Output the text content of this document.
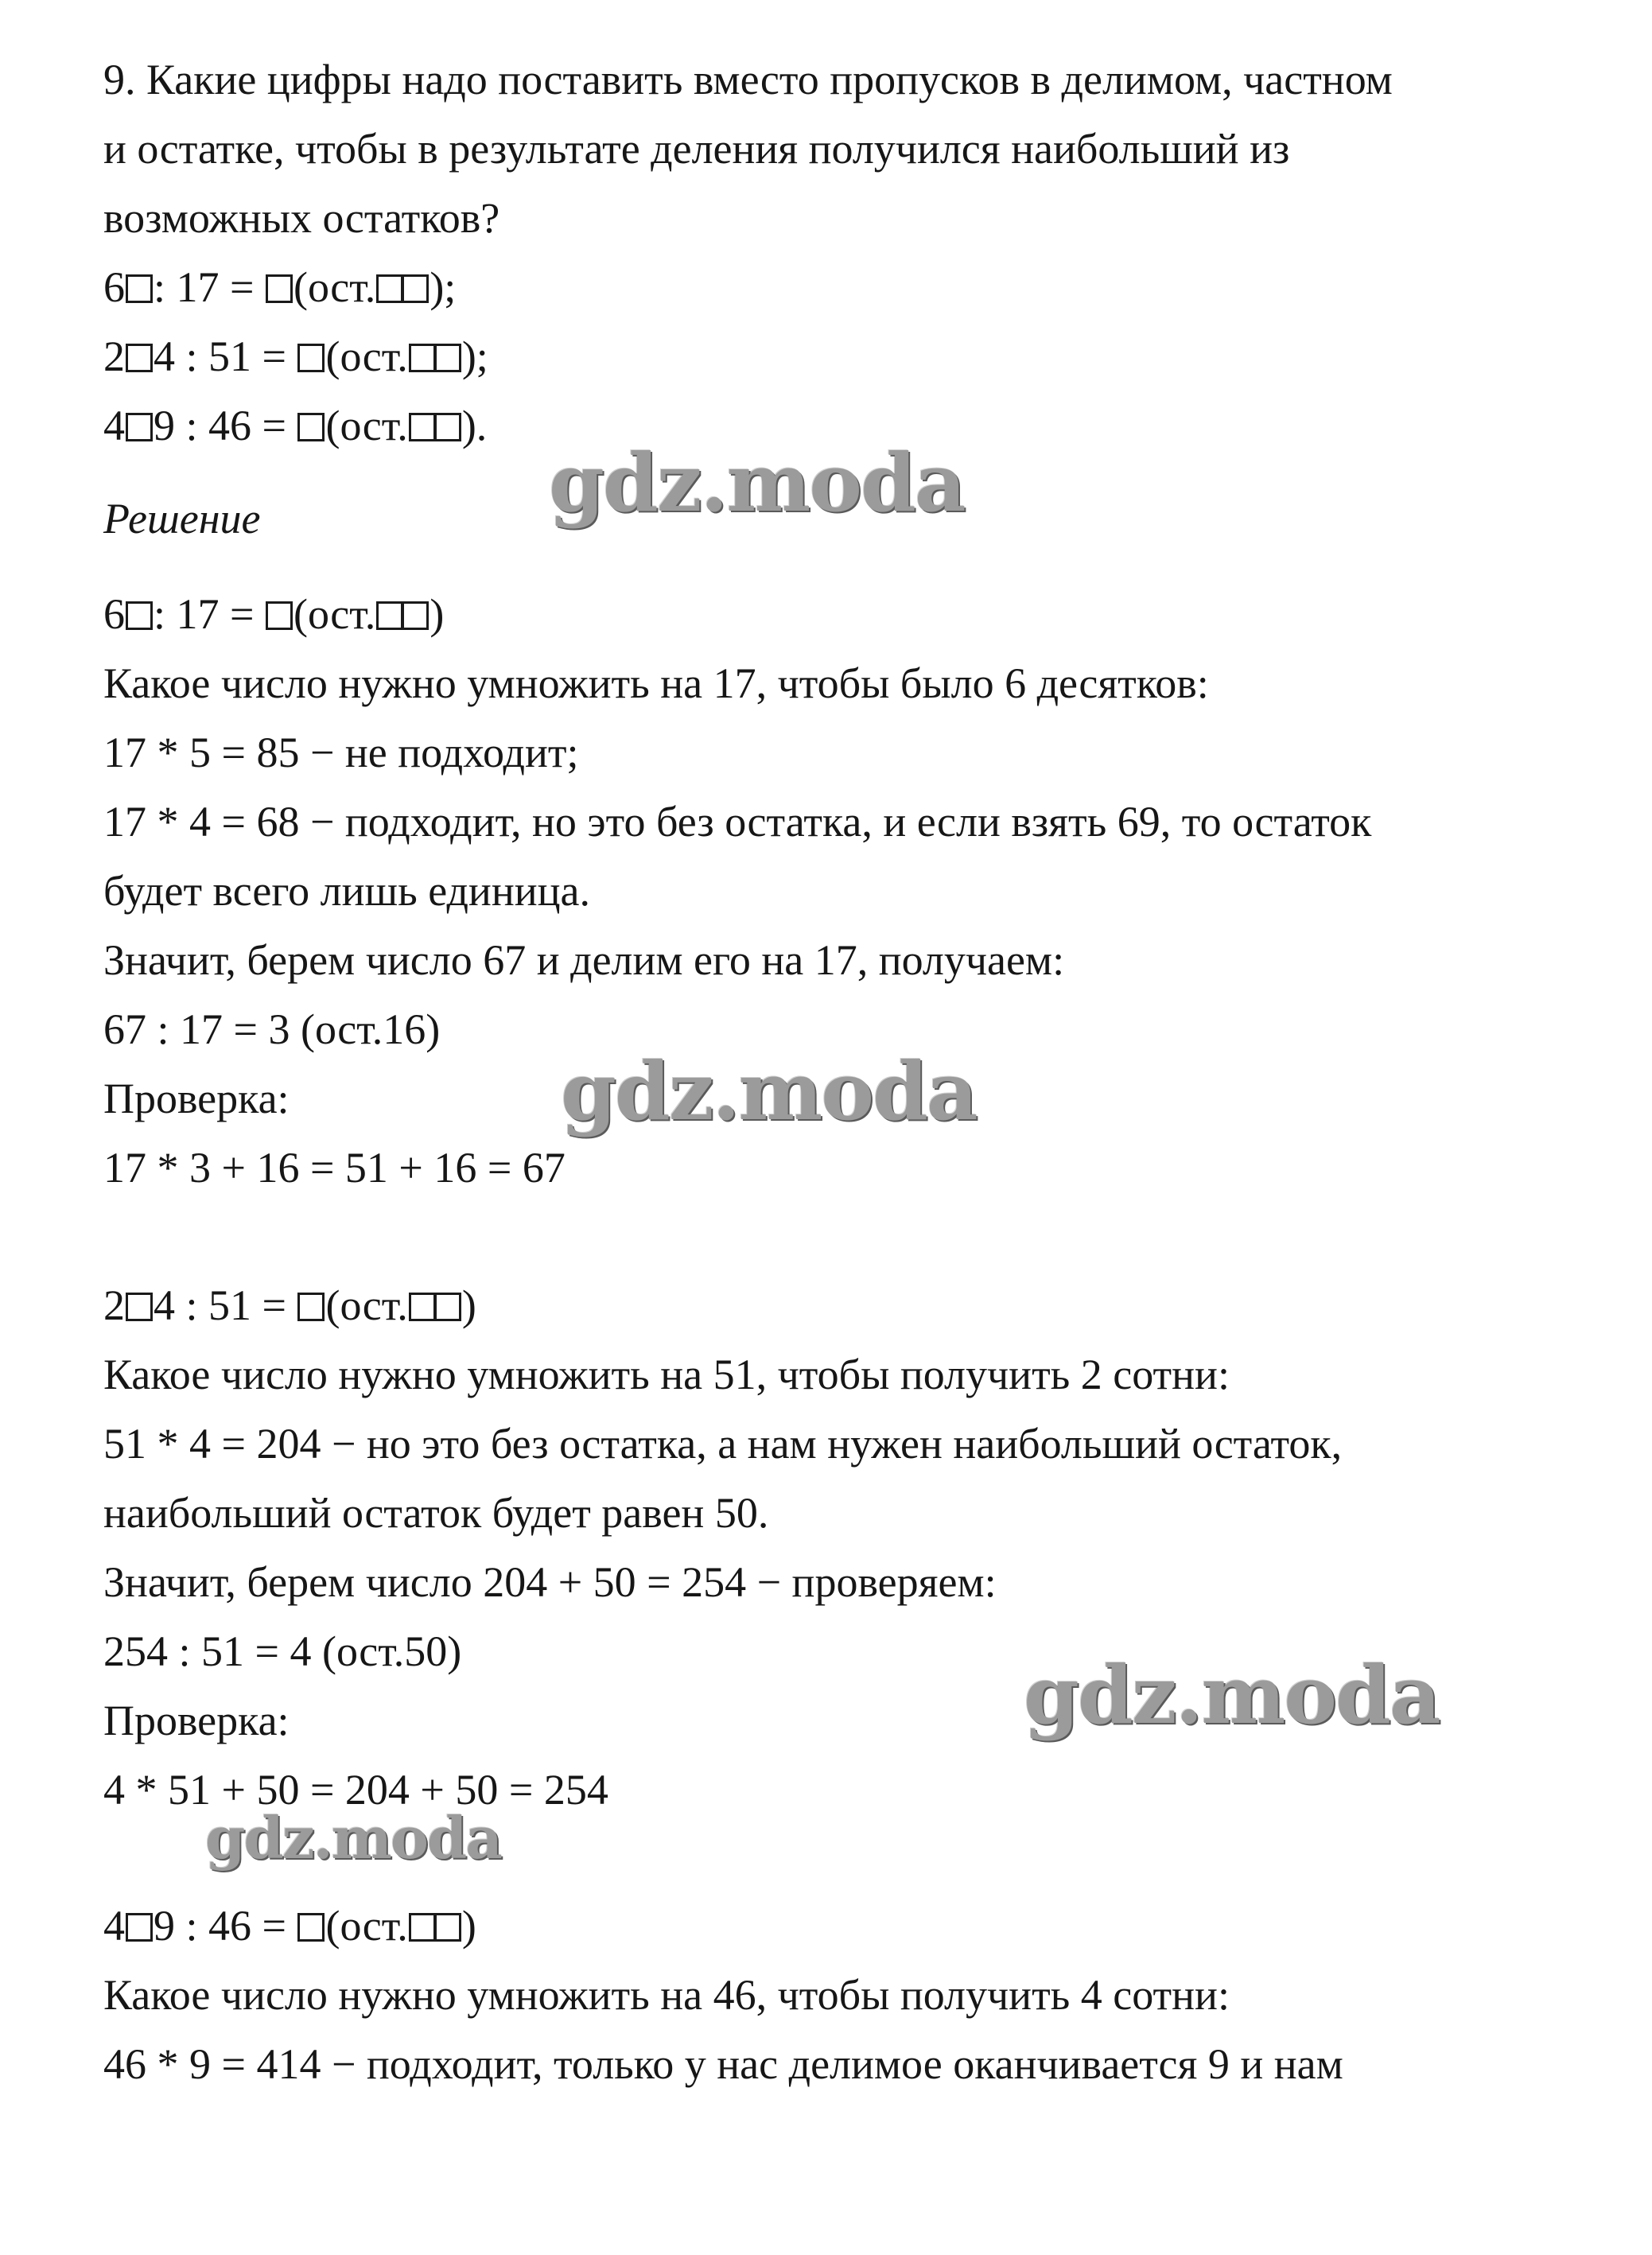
9. Какие цифры надо поставить вместо пропусков в делимом, частном
и остатке, чтобы в результате деления получился наибольший из
возможных остатков?
6 : 17 = (ост. );
2 4 : 51 = (ост. );
4 9 : 46 = (ост. ).
Решение
6 : 17 = (ост. )
Какое число нужно умножить на 17, чтобы было 6 десятков:
17 * 5 = 85 − не подходит;
17 * 4 = 68 − подходит, но это без остатка, и если взять 69, то остаток
будет всего лишь единица.
Значит, берем число 67 и делим его на 17, получаем:
67 : 17 = 3 (ост.16)
Проверка:
17 * 3 + 16 = 51 + 16 = 67
2 4 : 51 = (ост. )
Какое число нужно умножить на 51, чтобы получить 2 сотни:
51 * 4 = 204 − но это без остатка, а нам нужен наибольший остаток,
наибольший остаток будет равен 50.
Значит, берем число 204 + 50 = 254 − проверяем:
254 : 51 = 4 (ост.50)
Проверка:
4 * 51 + 50 = 204 + 50 = 254
4 9 : 46 = (ост. )
Какое число нужно умножить на 46, чтобы получить 4 сотни:
46 * 9 = 414 − подходит, только у нас делимое оканчивается 9 и нам
gdz.moda
gdz.moda
gdz.moda
gdz.moda
